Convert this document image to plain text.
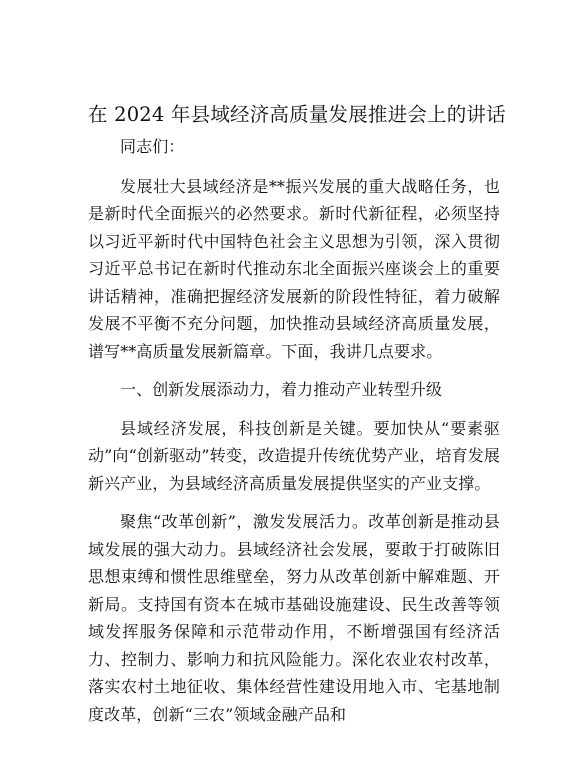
在 2024 年县域经济高质量发展推进会上的讲话

同志们：

发展壮大县域经济是**振兴发展的重大战略任务，也是新时代全面振兴的必然要求。新时代新征程，必须坚持以习近平新时代中国特色社会主义思想为引领，深入贯彻习近平总书记在新时代推动东北全面振兴座谈会上的重要讲话精神，准确把握经济发展新的阶段性特征，着力破解发展不平衡不充分问题，加快推动县域经济高质量发展，谱写**高质量发展新篇章。下面，我讲几点要求。

一、创新发展添动力，着力推动产业转型升级

县域经济发展，科技创新是关键。要加快从“要素驱动”向“创新驱动”转变，改造提升传统优势产业，培育发展新兴产业，为县域经济高质量发展提供坚实的产业支撑。

聚焦“改革创新”，激发发展活力。改革创新是推动县域发展的强大动力。县域经济社会发展，要敢于打破陈旧思想束缚和惯性思维壁垒，努力从改革创新中解难题、开新局。支持国有资本在城市基础设施建设、民生改善等领域发挥服务保障和示范带动作用，不断增强国有经济活力、控制力、影响力和抗风险能力。深化农业农村改革，落实农村土地征收、集体经营性建设用地入市、宅基地制度改革，创新“三农”领域金融产品和
